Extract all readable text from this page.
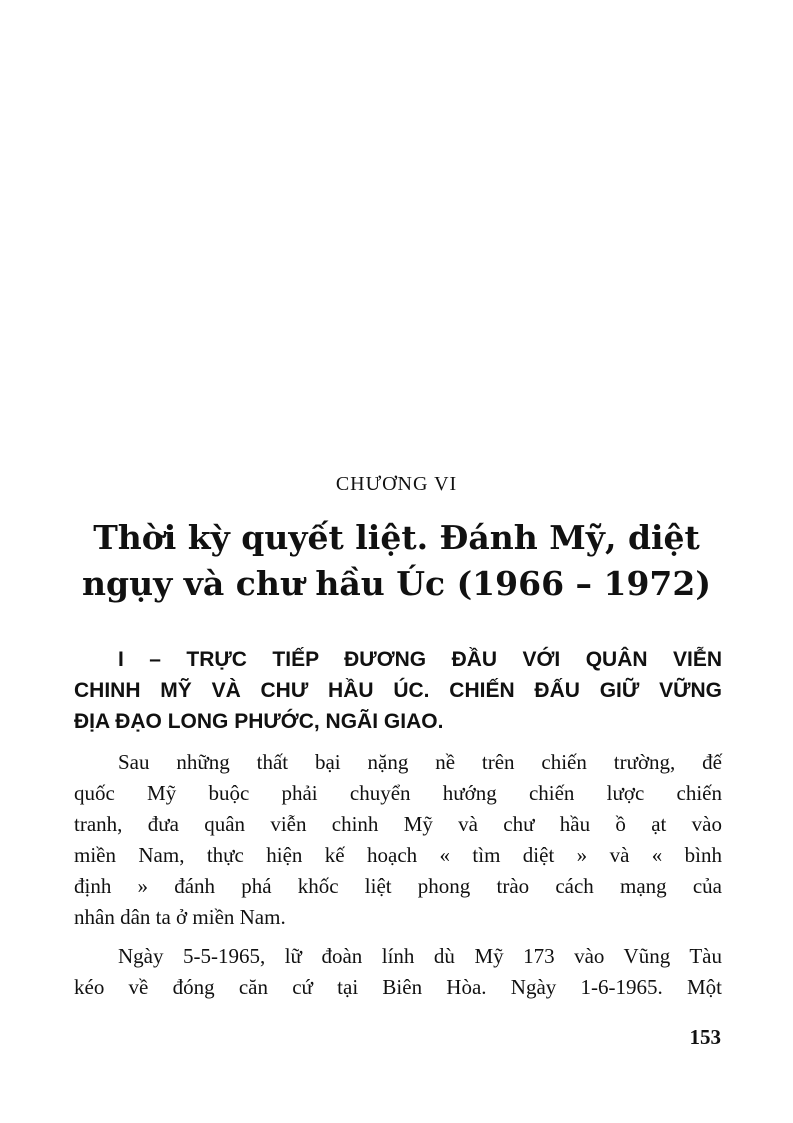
CHƯƠNG VI
Thời kỳ quyết liệt. Đánh Mỹ, diệt
ngụy và chư hầu Úc (1966 – 1972)
I – TRỰC TIẾP ĐƯƠNG ĐẦU VỚI QUÂN VIỄN
CHINH MỸ VÀ CHƯ HẦU ÚC. CHIẾN ĐẤU GIỮ VỮNG
ĐỊA ĐẠO LONG PHƯỚC, NGÃI GIAO.
Sau những thất bại nặng nề trên chiến trường, đế
quốc Mỹ buộc phải chuyển hướng chiến lược chiến
tranh, đưa quân viễn chinh Mỹ và chư hầu ồ ạt vào
miền Nam, thực hiện kế hoạch « tìm diệt » và « bình
định » đánh phá khốc liệt phong trào cách mạng của
nhân dân ta ở miền Nam.
Ngày 5-5-1965, lữ đoàn lính dù Mỹ 173 vào Vũng Tàu
kéo về đóng căn cứ tại Biên Hòa. Ngày 1-6-1965. Một
153
